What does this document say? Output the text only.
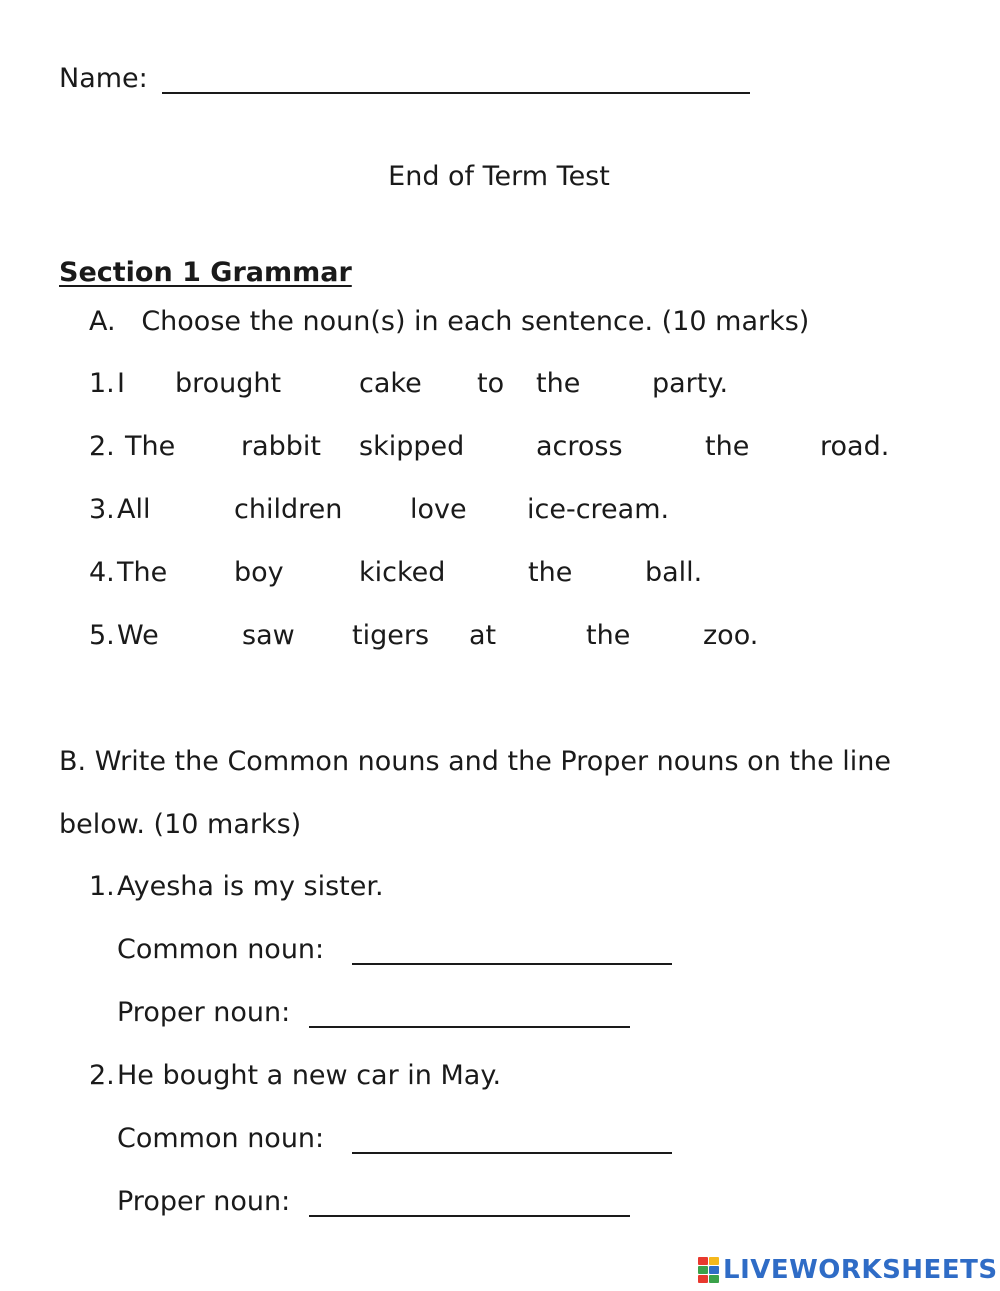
Name:
End of Term Test
Section 1 Grammar
A.   Choose the noun(s) in each sentence. (10 marks)
1. I brought	cake to the	party.
2. The rabbit skipped	across	the	road.
3. All	children	love ice-cream.
4. The boy	kicked	the	ball.
5. We	saw tigers at	the	zoo.
B. Write the Common nouns and the Proper nouns on the line
below. (10 marks)
1. Ayesha is my sister.
Common noun:
Proper noun:
2. He bought a new car in May.
Common noun:
Proper noun:
LIVEWORKSHEETS
